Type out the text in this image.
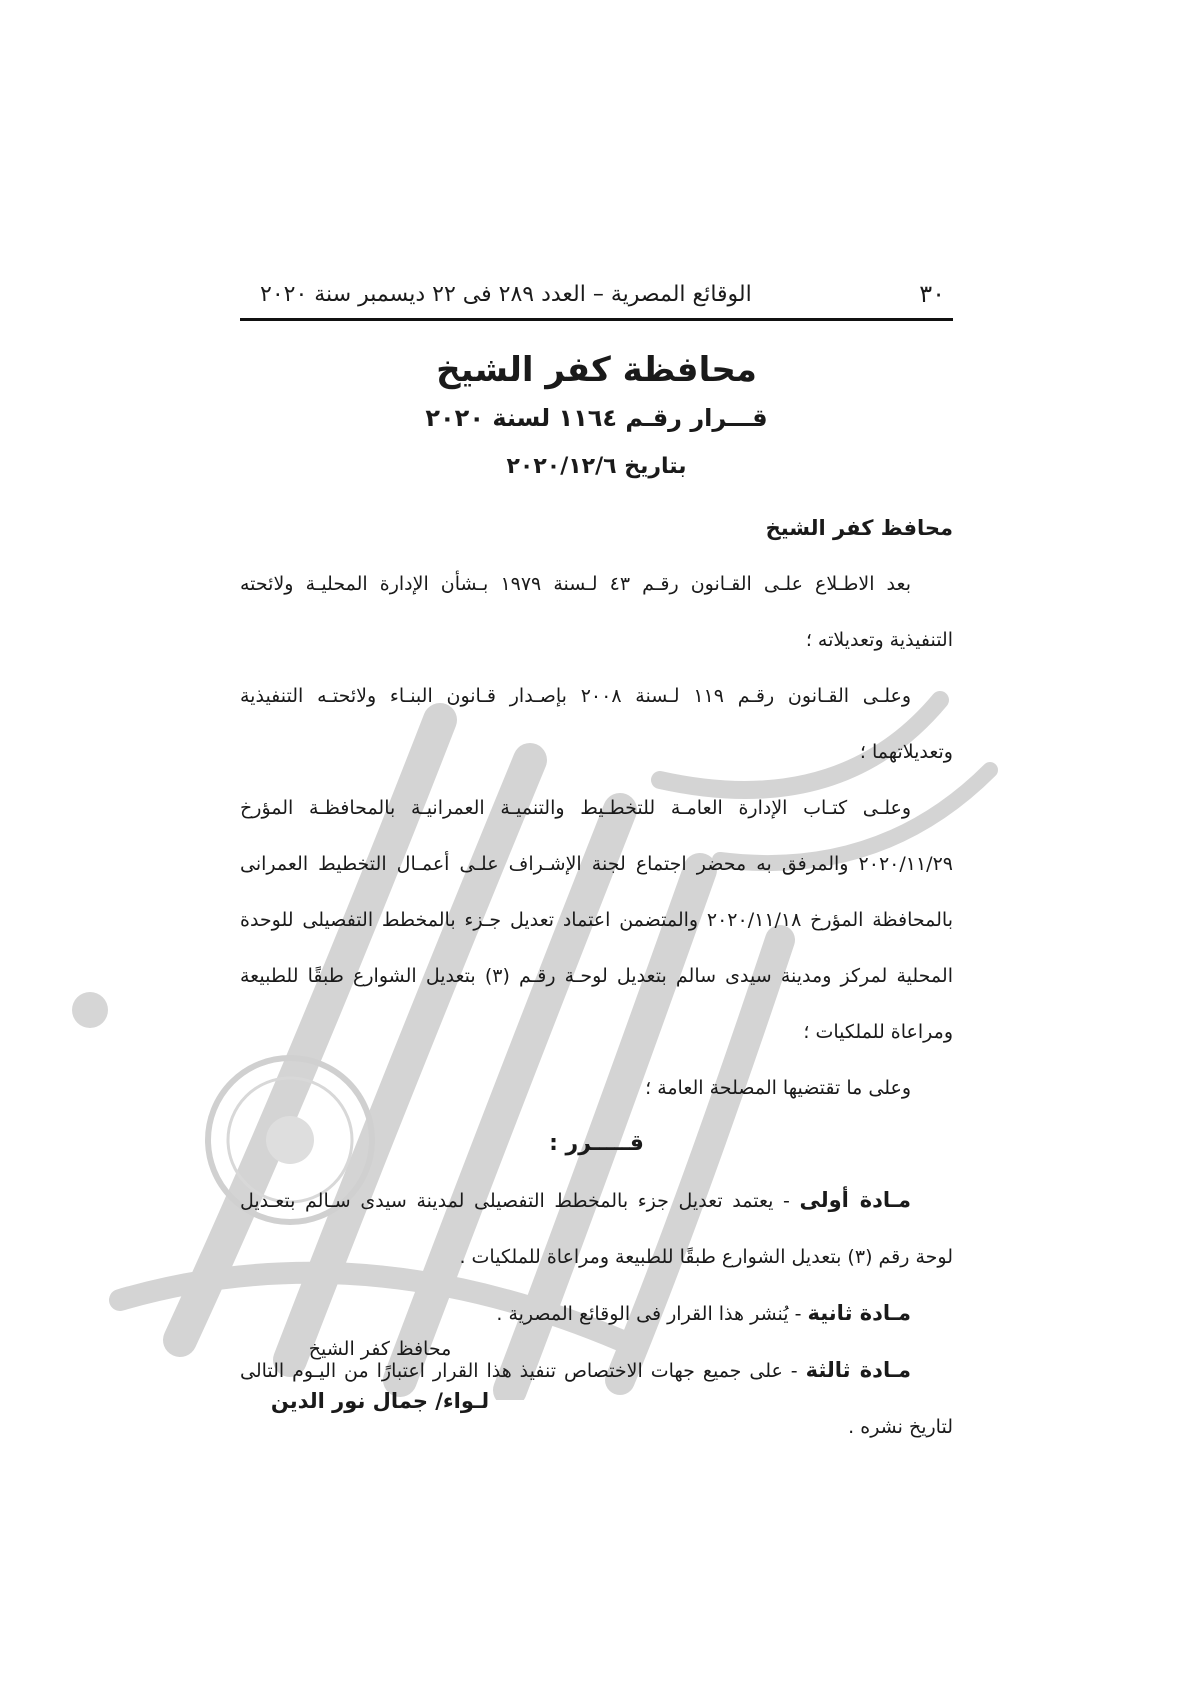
٣٠
الوقائع المصرية – العدد ٢٨٩ فى ٢٢ ديسمبر سنة ٢٠٢٠
محافظة كفر الشيخ
قـــرار رقـم ١١٦٤ لسنة ٢٠٢٠
بتاريخ ٢٠٢٠/١٢/٦

محافظ كفر الشيخ

بعد الاطـلاع علـى القـانون رقـم ٤٣ لـسنة ١٩٧٩ بـشأن الإدارة المحليـة ولائحته التنفيذية وتعديلاته ؛

وعلـى القـانون رقـم ١١٩ لـسنة ٢٠٠٨ بإصـدار قـانون البنـاء ولائحتـه التنفيذية وتعديلاتهما ؛

وعلـى كتـاب الإدارة العامـة للتخطـيط والتنميـة العمرانيـة بالمحافظـة المؤرخ ٢٠٢٠/١١/٢٩ والمرفق به محضر اجتماع لجنة الإشـراف علـى أعمـال التخطيط العمرانى بالمحافظة المؤرخ ٢٠٢٠/١١/١٨ والمتضمن اعتماد تعديل جـزء بالمخطط التفصيلى للوحدة المحلية لمركز ومدينة سيدى سالم بتعديل لوحـة رقـم (٣) بتعديل الشوارع طبقًا للطبيعة ومراعاة للملكيات ؛

وعلى ما تقتضيها المصلحة العامة ؛

قـــــرر :

مـادة أولى - يعتمد تعديل جزء بالمخطط التفصيلى لمدينة سيدى سـالم بتعـديل لوحة رقم (٣) بتعديل الشوارع طبقًا للطبيعة ومراعاة للملكيات .

مـادة ثانية - يُنشر هذا القرار فى الوقائع المصرية .

مـادة ثالثة - على جميع جهات الاختصاص تنفيذ هذا القرار اعتبارًا من اليـوم التالى لتاريخ نشره .

محافظ كفر الشيخ
لـواء/ جمال نور الدين
